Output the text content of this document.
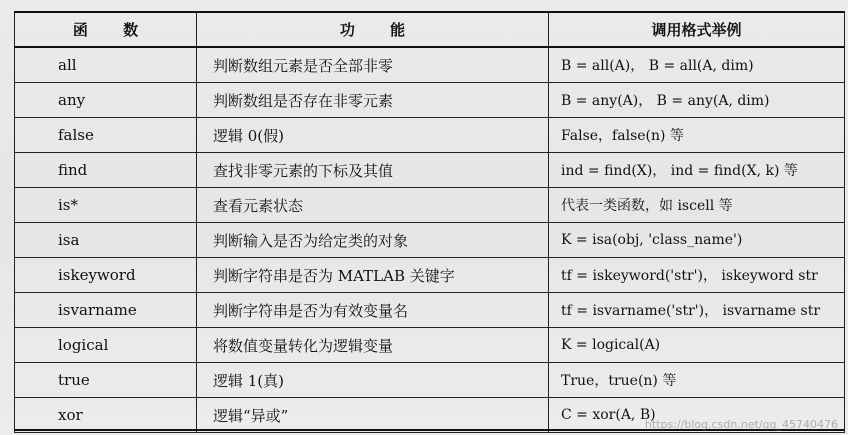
函 数	功 能	调用格式举例
all	判断数组元素是否全部非零	B = all(A)， B = all(A, dim)
any	判断数组是否存在非零元素	B = any(A)， B = any(A, dim)
false	逻辑 0(假)	False，false(n) 等
find	查找非零元素的下标及其值	ind = find(X)， ind = find(X, k) 等
is*	查看元素状态	代表一类函数，如 iscell 等
isa	判断输入是否为给定类的对象	K = isa(obj, 'class_name')
iskeyword	判断字符串是否为 MATLAB 关键字	tf = iskeyword('str')， iskeyword str
isvarname	判断字符串是否为有效变量名	tf = isvarname('str')， isvarname str
logical	将数值变量转化为逻辑变量	K = logical(A)
true	逻辑 1(真)	True，true(n) 等
xor	逻辑“异或”	C = xor(A, B)
https://blog.csdn.net/qq_45740476
